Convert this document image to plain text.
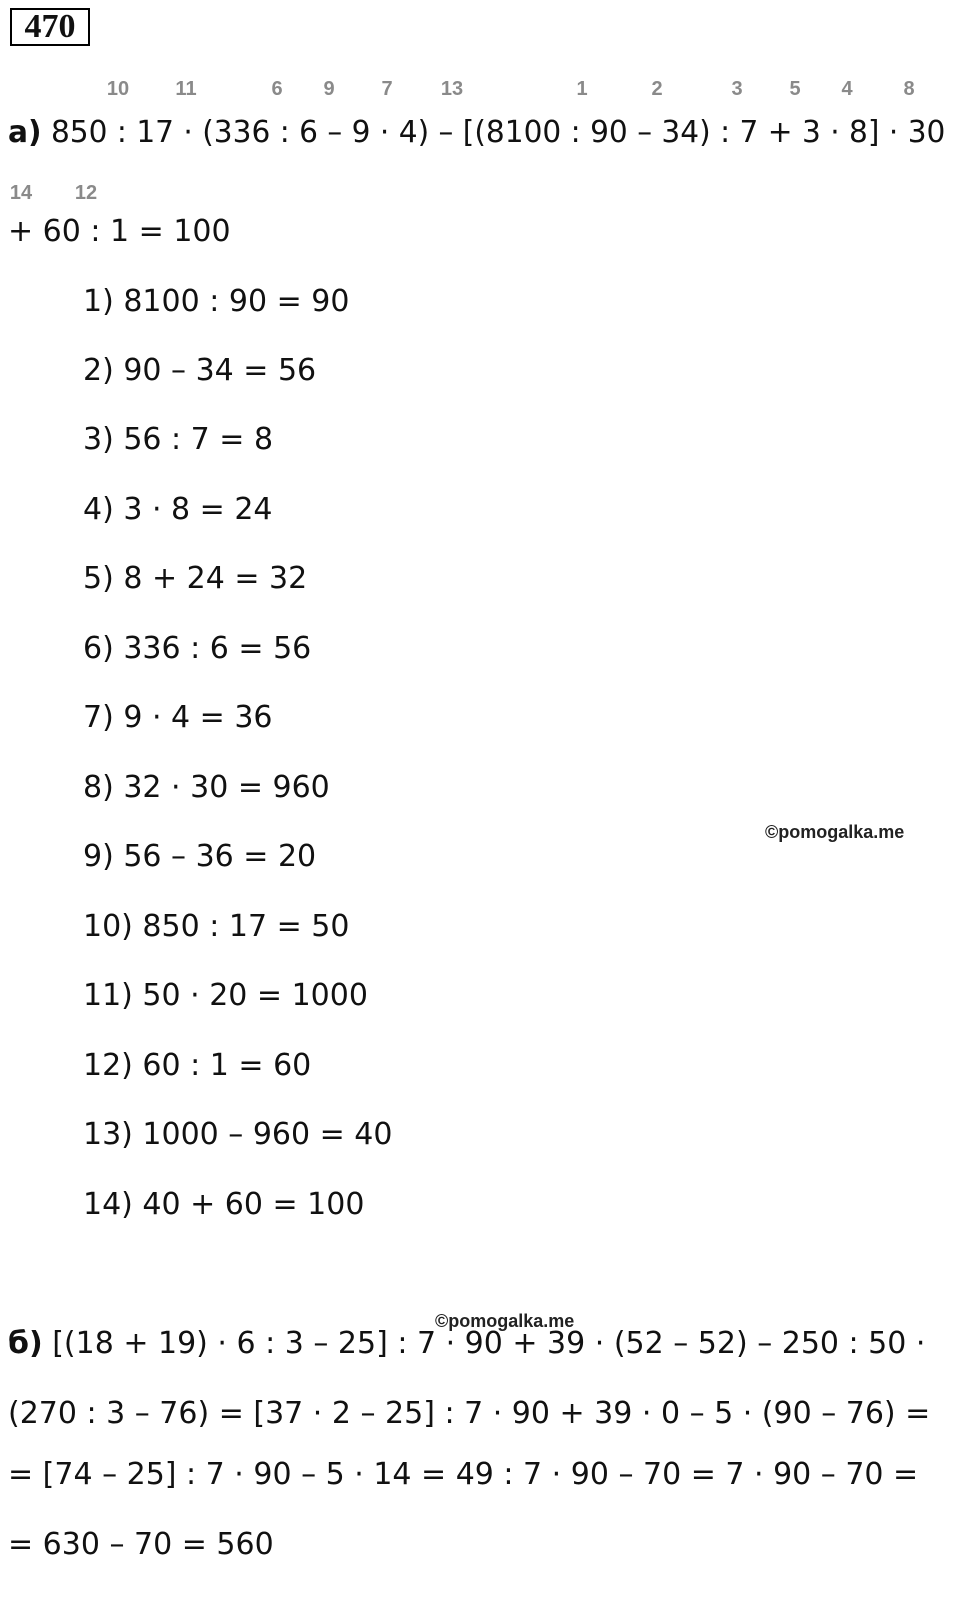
470
10 11	6 9 7 13	1	2	3 5 4	8
а) 850 : 17 · (336 : 6 – 9 · 4) – [(8100 : 90 – 34) : 7 + 3 · 8] · 30
14 12
+ 60 : 1 = 100
1) 8100 : 90 = 90
2) 90 – 34 = 56
3) 56 : 7 = 8
4) 3 · 8 = 24
5) 8 + 24 = 32
6) 336 : 6 = 56
7) 9 · 4 = 36
8) 32 · 30 = 960
9) 56 – 36 = 20
10) 850 : 17 = 50
11) 50 · 20 = 1000
12) 60 : 1 = 60
13) 1000 – 960 = 40
14) 40 + 60 = 100
©pomogalka.me
©pomogalka.me
б) [(18 + 19) · 6 : 3 – 25] : 7 · 90 + 39 · (52 – 52) – 250 : 50 ·
(270 : 3 – 76) = [37 · 2 – 25] : 7 · 90 + 39 · 0 – 5 · (90 – 76) =
= [74 – 25] : 7 · 90 – 5 · 14 = 49 : 7 · 90 – 70 = 7 · 90 – 70 =
= 630 – 70 = 560
